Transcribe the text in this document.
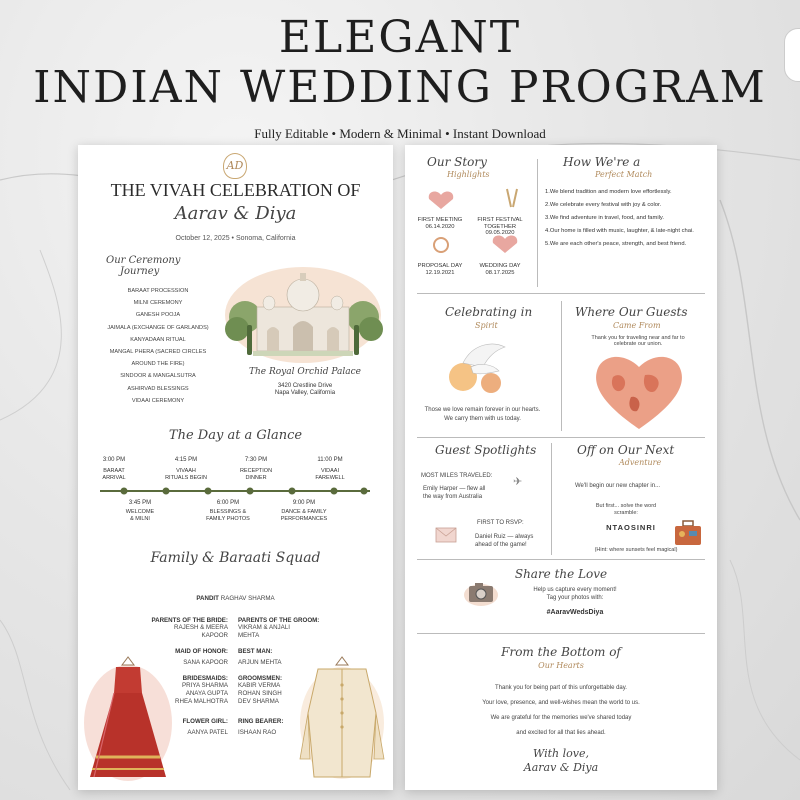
ELEGANT
INDIAN WEDDING PROGRAM
Fully Editable • Modern & Minimal • Instant Download
AD
THE VIVAH CELEBRATION OF
Aarav & Diya
October 12, 2025 • Sonoma, California
Our Ceremony
Journey
BARAAT PROCESSION
MILNI CEREMONY
GANESH POOJA
JAIMALA (EXCHANGE OF GARLANDS)
KANYADAAN RITUAL
MANGAL PHERA (SACRED CIRCLES
AROUND THE FIRE)
SINDOOR & MANGALSUTRA
ASHIRVAD BLESSINGS
VIDAAI CEREMONY
The Royal Orchid Palace
3420 Crestline Drive
Napa Valley, California
The Day at a Glance
Family & Baraati Squad
PANDIT RAGHAV SHARMA
PARENTS OF THE BRIDE:
RAJESH & MEERA
KAPOOR
MAID OF HONOR:
SANA KAPOOR
BRIDESMAIDS:
PRIYA SHARMA
ANAYA GUPTA
RHEA MALHOTRA
FLOWER GIRL:
AANYA PATEL
PARENTS OF THE GROOM:
VIKRAM & ANJALI
MEHTA
BEST MAN:
ARJUN MEHTA
GROOMSMEN:
KABIR VERMA
ROHAN SINGH
DEV SHARMA
RING BEARER:
ISHAAN RAO
3:00 PM
BARAAT
ARRIVAL
4:15 PM
VIVAAH
RITUALS BEGIN
7:30 PM
RECEPTION
DINNER
11:00 PM
VIDAAI
FAREWELL
3:45 PM
WELCOME
& MILNI
6:00 PM
BLESSINGS &
FAMILY PHOTOS
9:00 PM
DANCE & FAMILY
PERFORMANCES
Our Story
Highlights
FIRST MEETING
06.14.2020
FIRST FESTIVAL
TOGETHER
09.05.2020
PROPOSAL DAY
12.19.2021
WEDDING DAY
08.17.2025
How We're a
Perfect Match
1.We blend tradition and modern love effortlessly.
2.We celebrate every festival with joy & color.
3.We find adventure in travel, food, and family.
4.Our home is filled with music, laughter, & late-night chai.
5.We are each other's peace, strength, and best friend.
Celebrating in
Spirit
Those we love remain forever in our hearts.
We carry them with us today.
Where Our Guests
Came From
Thank you for traveling near and far to
celebrate our union.
Guest Spotlights
MOST MILES TRAVELED:
Emily Harper — flew all
the way from Australia
✈
FIRST TO RSVP:
Daniel Ruiz — always
ahead of the game!
Off on Our Next
Adventure
We'll begin our new chapter in...
But first... solve the word
scramble:
NTAOSINRI
(Hint: where sunsets feel magical)
Share the Love
Help us capture every moment!
Tag your photos with:
#AaravWedsDiya
From the Bottom of
Our Hearts
Thank you for being part of this unforgettable day.
Your love, presence, and well-wishes mean the world to us.
We are grateful for the memories we've shared today
and excited for all that lies ahead.
With love,
Aarav & Diya
